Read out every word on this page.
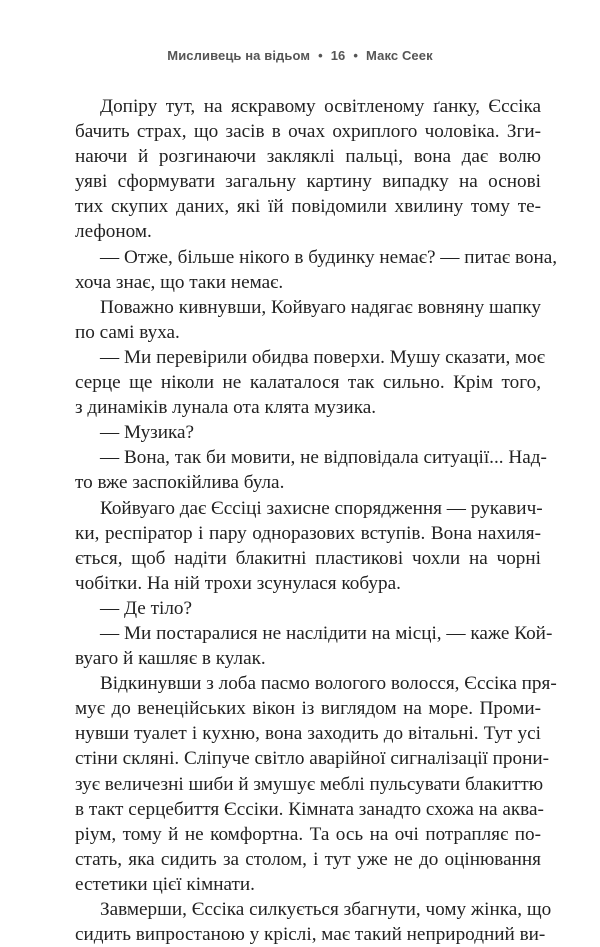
Мисливець на відьом • 16 • Макс Сеек
Допіру тут, на яскравому освітленому ґанку, Єссіка
бачить страх, що засів в очах охриплого чоловіка. Зги-
наючи й розгинаючи закляклі пальці, вона дає волю
уяві сформувати загальну картину випадку на основі
тих скупих даних, які їй повідомили хвилину тому те-
лефоном.
— Отже, більше нікого в будинку немає? — питає вона,
хоча знає, що таки немає.
Поважно кивнувши, Койвуаго надягає вовняну шапку
по самі вуха.
— Ми перевірили обидва поверхи. Мушу сказати, моє
серце ще ніколи не калаталося так сильно. Крім того,
з динаміків лунала ота клята музика.
— Музика?
— Вона, так би мовити, не відповідала ситуації... Над-
то вже заспокійлива була.
Койвуаго дає Єссіці захисне спорядження — рукавич-
ки, респіратор і пару одноразових вступів. Вона нахиля-
ється, щоб надіти блакитні пластикові чохли на чорні
чобітки. На ній трохи зсунулася кобура.
— Де тіло?
— Ми постаралися не наслідити на місці, — каже Кой-
вуаго й кашляє в кулак.
Відкинувши з лоба пасмо вологого волосся, Єссіка пря-
мує до венеційських вікон із виглядом на море. Проми-
нувши туалет і кухню, вона заходить до вітальні. Тут усі
стіни скляні. Сліпуче світло аварійної сигналізації прони-
зує величезні шиби й змушує меблі пульсувати блакиттю
в такт серцебиття Єссіки. Кімната занадто схожа на аква-
ріум, тому й не комфортна. Та ось на очі потрапляє по-
стать, яка сидить за столом, і тут уже не до оцінювання
естетики цієї кімнати.
Завмерши, Єссіка силкується збагнути, чому жінка, що
сидить випростаною у кріслі, має такий неприродний ви-
